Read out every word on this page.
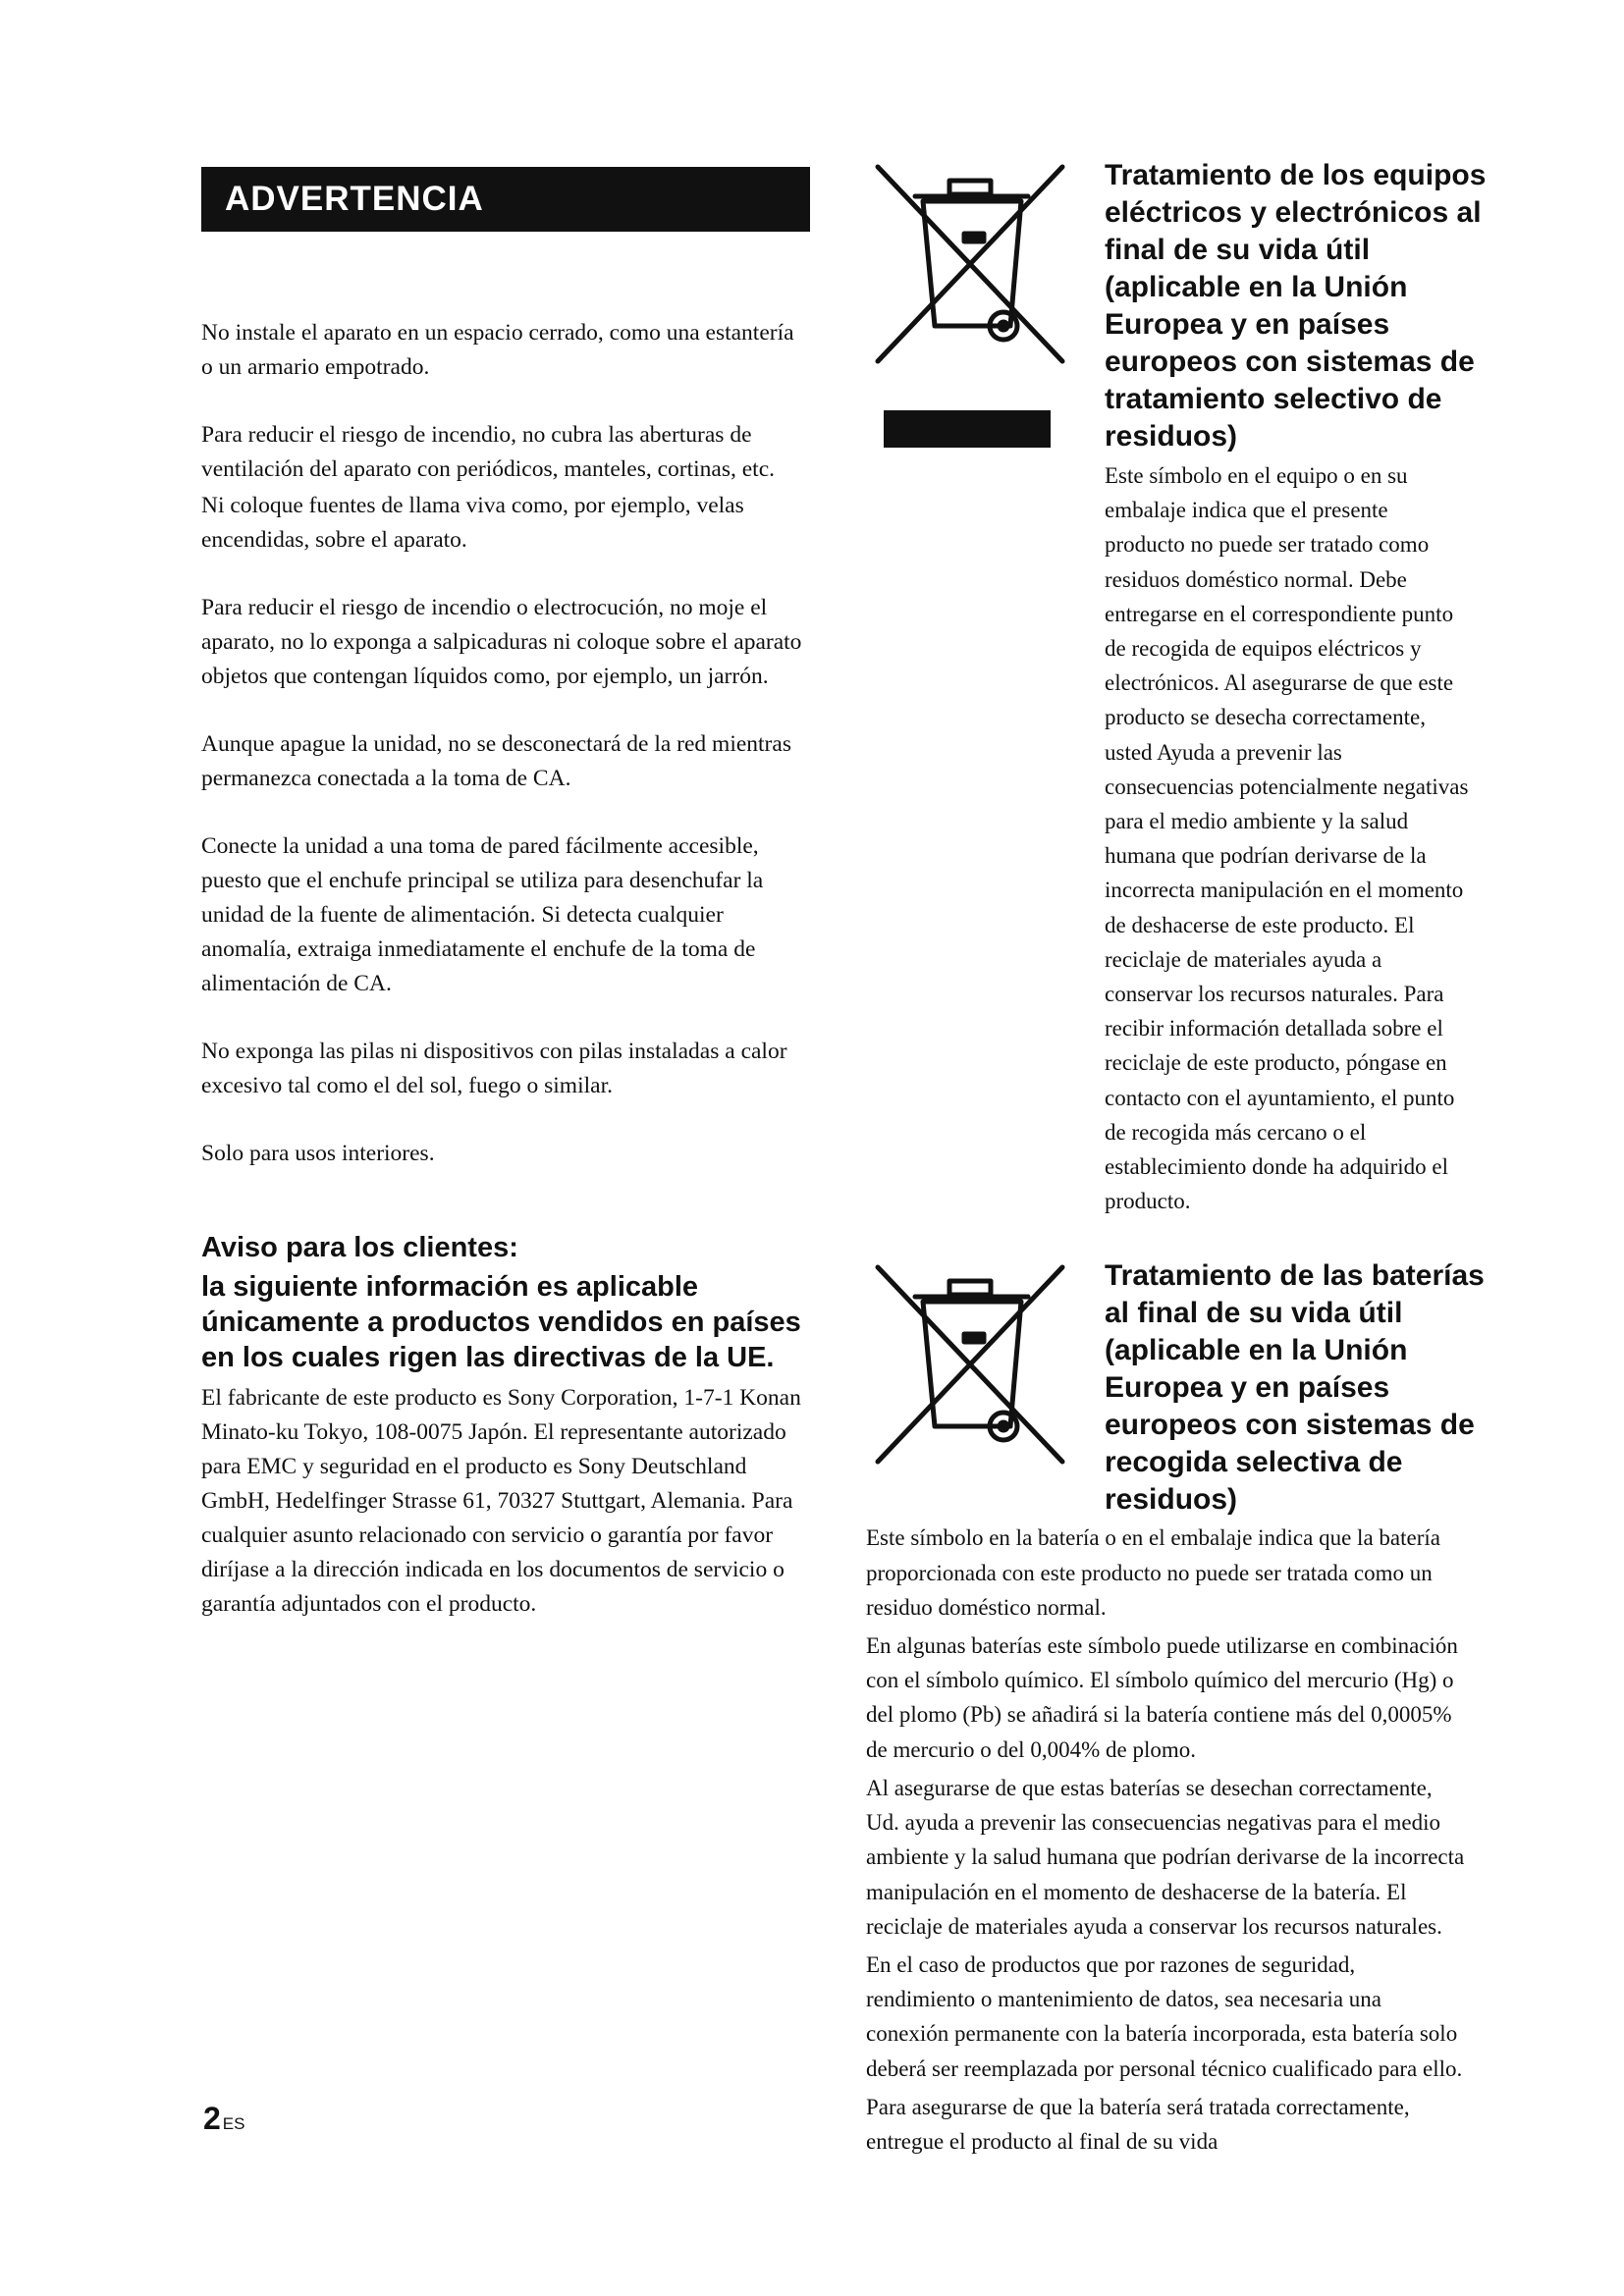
ADVERTENCIA

No instale el aparato en un espacio cerrado, como una estantería o un armario empotrado.

Para reducir el riesgo de incendio, no cubra las aberturas de ventilación del aparato con periódicos, manteles, cortinas, etc.

Ni coloque fuentes de llama viva como, por ejemplo, velas encendidas, sobre el aparato.

Para reducir el riesgo de incendio o electrocución, no moje el aparato, no lo exponga a salpicaduras ni coloque sobre el aparato objetos que contengan líquidos como, por ejemplo, un jarrón.

Aunque apague la unidad, no se desconectará de la red mientras permanezca conectada a la toma de CA.

Conecte la unidad a una toma de pared fácilmente accesible, puesto que el enchufe principal se utiliza para desenchufar la unidad de la fuente de alimentación. Si detecta cualquier anomalía, extraiga inmediatamente el enchufe de la toma de alimentación de CA.

No exponga las pilas ni dispositivos con pilas instaladas a calor excesivo tal como el del sol, fuego o similar.

Solo para usos interiores.

Aviso para los clientes:

la siguiente información es aplicable únicamente a productos vendidos en países en los cuales rigen las directivas de la UE.

El fabricante de este producto es Sony Corporation, 1-7-1 Konan Minato-ku Tokyo, 108-0075 Japón. El representante autorizado para EMC y seguridad en el producto es Sony Deutschland GmbH, Hedelfinger Strasse 61, 70327 Stuttgart, Alemania. Para cualquier asunto relacionado con servicio o garantía por favor diríjase a la dirección indicada en los documentos de servicio o garantía adjuntados con el producto.

Tratamiento de los equipos eléctricos y electrónicos al final de su vida útil (aplicable en la Unión Europea y en países europeos con sistemas de tratamiento selectivo de residuos)

Este símbolo en el equipo o en su embalaje indica que el presente producto no puede ser tratado como residuos doméstico normal. Debe entregarse en el correspondiente punto de recogida de equipos eléctricos y electrónicos. Al asegurarse de que este producto se desecha correctamente, usted Ayuda a prevenir las consecuencias potencialmente negativas para el medio ambiente y la salud humana que podrían derivarse de la incorrecta manipulación en el momento de deshacerse de este producto. El reciclaje de materiales ayuda a conservar los recursos naturales. Para recibir información detallada sobre el reciclaje de este producto, póngase en contacto con el ayuntamiento, el punto de recogida más cercano o el establecimiento donde ha adquirido el producto.

Tratamiento de las baterías al final de su vida útil (aplicable en la Unión Europea y en países europeos con sistemas de recogida selectiva de residuos)

Este símbolo en la batería o en el embalaje indica que la batería proporcionada con este producto no puede ser tratada como un residuo doméstico normal.

En algunas baterías este símbolo puede utilizarse en combinación con el símbolo químico. El símbolo químico del mercurio (Hg) o del plomo (Pb) se añadirá si la batería contiene más del 0,0005% de mercurio o del 0,004% de plomo.

Al asegurarse de que estas baterías se desechan correctamente, Ud. ayuda a prevenir las consecuencias negativas para el medio ambiente y la salud humana que podrían derivarse de la incorrecta manipulación en el momento de deshacerse de la batería. El reciclaje de materiales ayuda a conservar los recursos naturales.

En el caso de productos que por razones de seguridad, rendimiento o mantenimiento de datos, sea necesaria una conexión permanente con la batería incorporada, esta batería solo deberá ser reemplazada por personal técnico cualificado para ello.

Para asegurarse de que la batería será tratada correctamente, entregue el producto al final de su vida

2 ES
